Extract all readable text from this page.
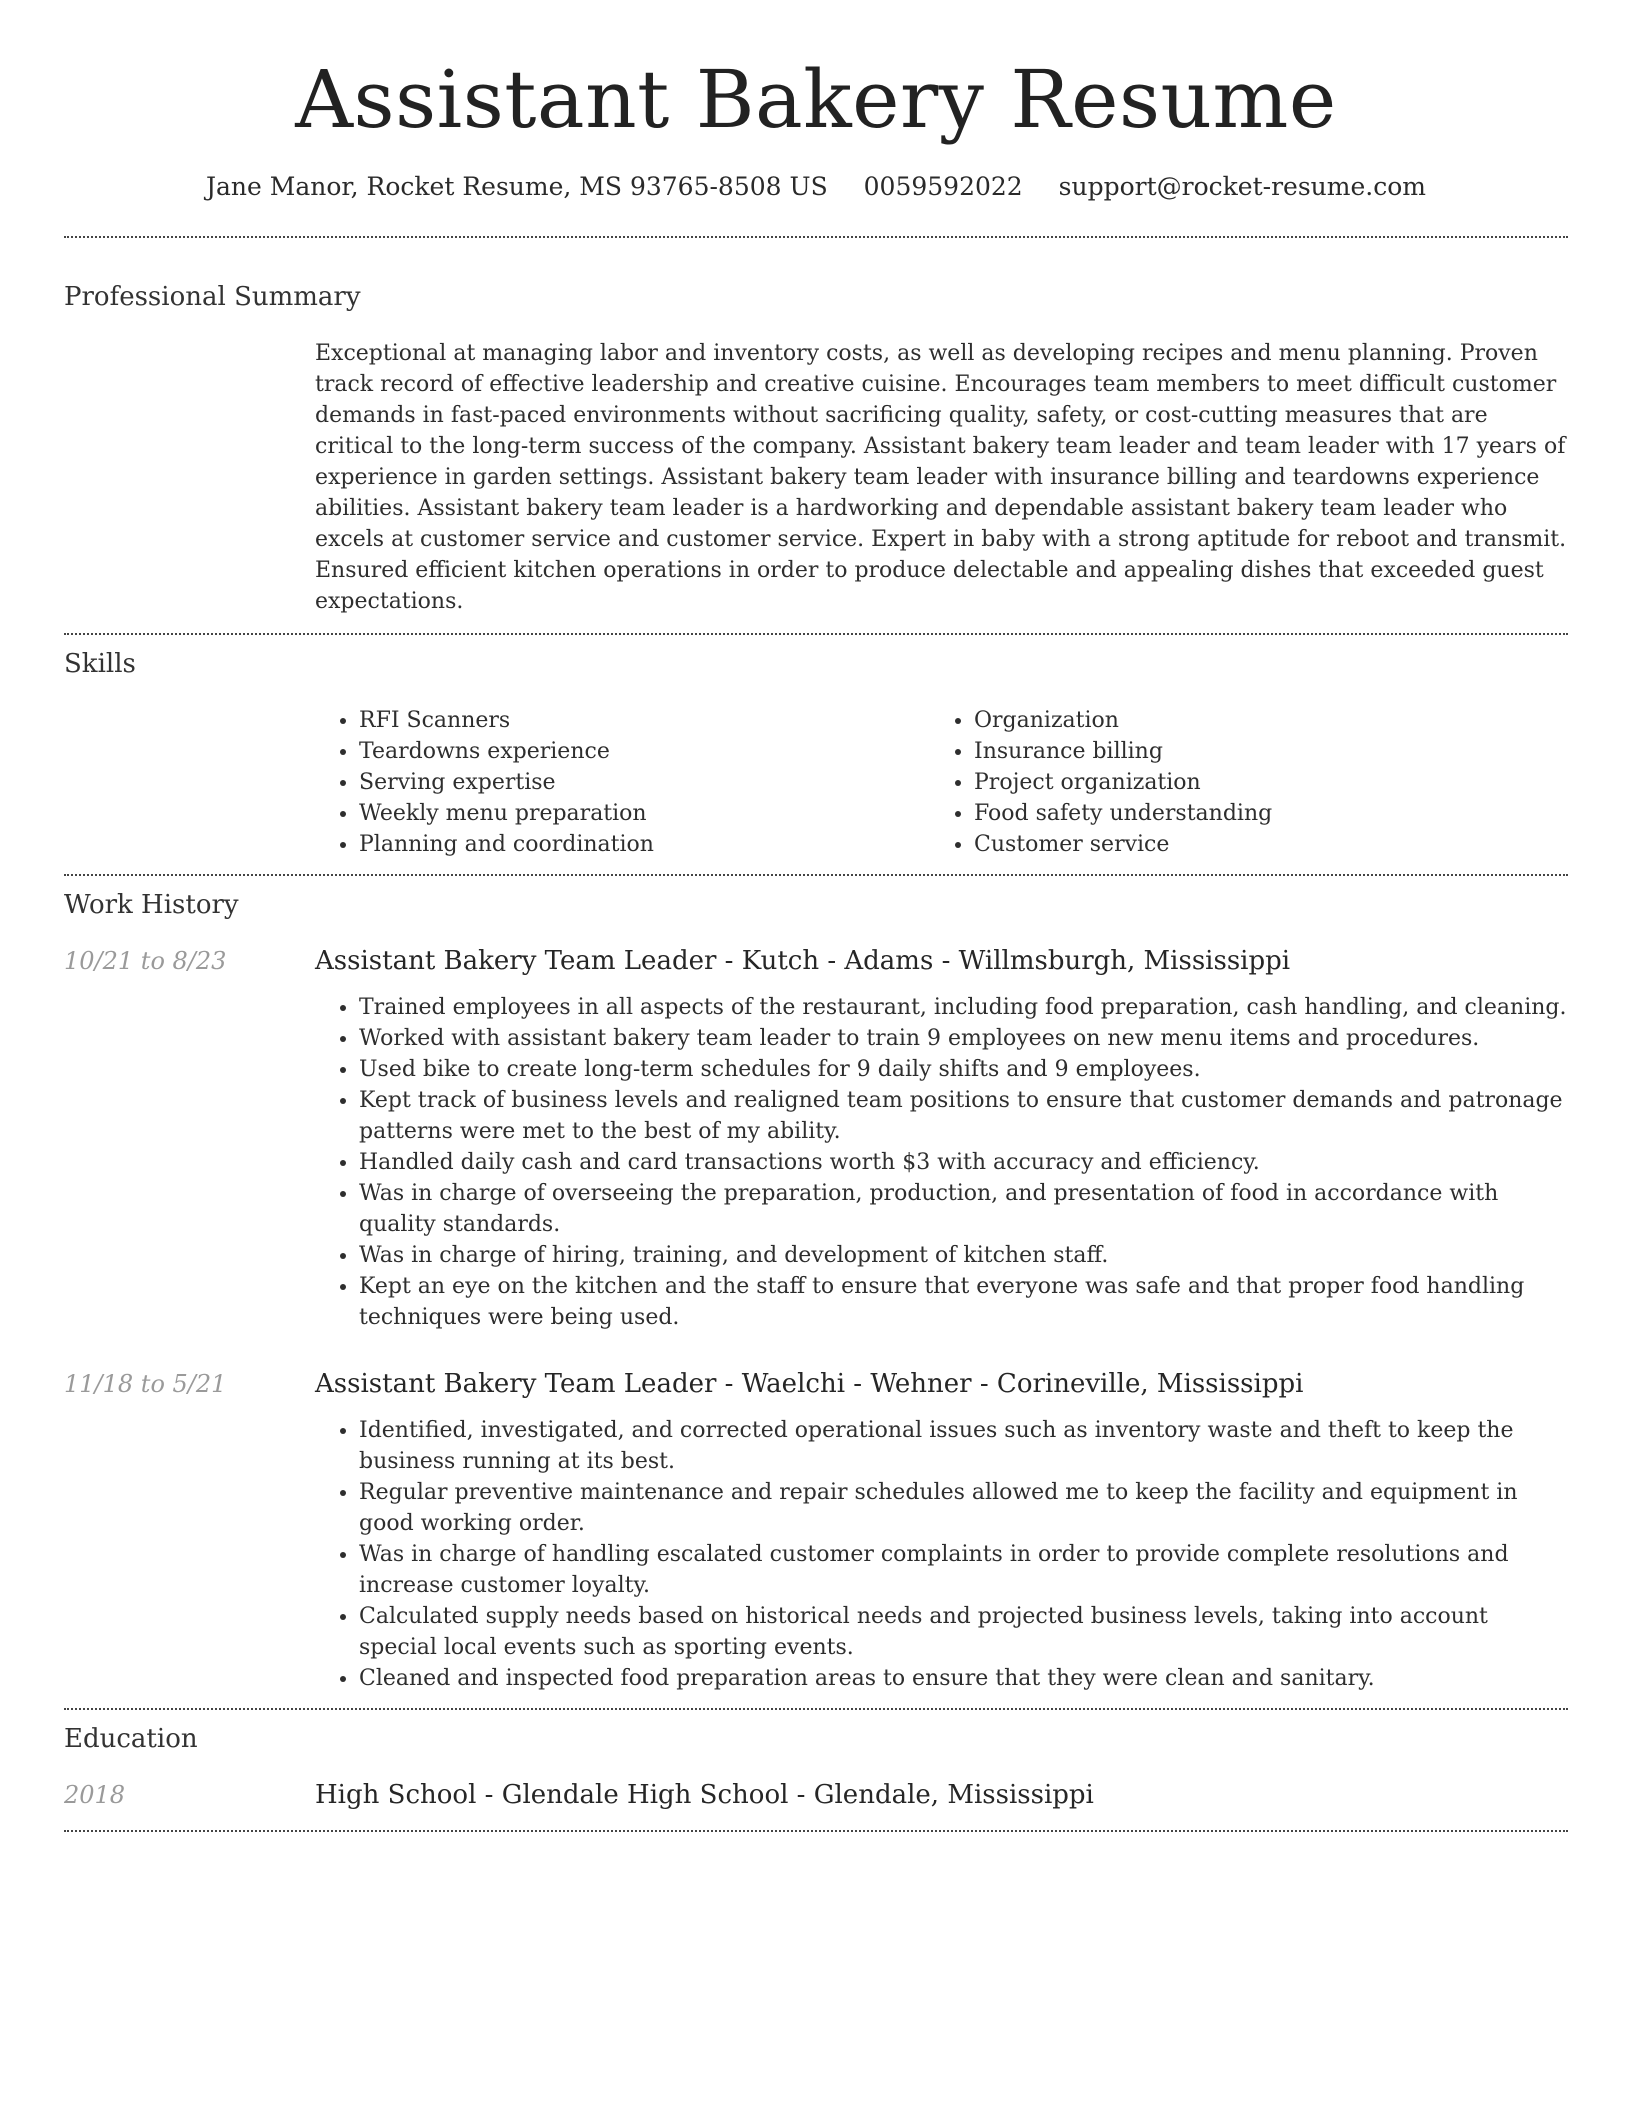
Assistant Bakery Resume
Jane Manor, Rocket Resume, MS 93765-8508 US 0059592022 support@rocket-resume.com
Professional Summary

Exceptional at managing labor and inventory costs, as well as developing recipes and menu planning. Proven track record of effective leadership and creative cuisine. Encourages team members to meet difficult customer demands in fast-paced environments without sacrificing quality, safety, or cost-cutting measures that are critical to the long-term success of the company. Assistant bakery team leader and team leader with 17 years of experience in garden settings. Assistant bakery team leader with insurance billing and teardowns experience abilities. Assistant bakery team leader is a hardworking and dependable assistant bakery team leader who excels at customer service and customer service. Expert in baby with a strong aptitude for reboot and transmit. Ensured efficient kitchen operations in order to produce delectable and appealing dishes that exceeded guest expectations.

Skills
• RFI Scanners
• Teardowns experience
• Serving expertise
• Weekly menu preparation
• Planning and coordination
• Organization
• Insurance billing
• Project organization
• Food safety understanding
• Customer service
Work History
10/21 to 8/23	Assistant Bakery Team Leader - Kutch - Adams - Willmsburgh, Mississippi
• Trained employees in all aspects of the restaurant, including food preparation, cash handling, and cleaning.
• Worked with assistant bakery team leader to train 9 employees on new menu items and procedures.
• Used bike to create long-term schedules for 9 daily shifts and 9 employees.
• Kept track of business levels and realigned team positions to ensure that customer demands and patronage patterns were met to the best of my ability.
• Handled daily cash and card transactions worth $3 with accuracy and efficiency.
• Was in charge of overseeing the preparation, production, and presentation of food in accordance with quality standards.
• Was in charge of hiring, training, and development of kitchen staff.
• Kept an eye on the kitchen and the staff to ensure that everyone was safe and that proper food handling techniques were being used.
11/18 to 5/21	Assistant Bakery Team Leader - Waelchi - Wehner - Corineville, Mississippi
• Identified, investigated, and corrected operational issues such as inventory waste and theft to keep the business running at its best.
• Regular preventive maintenance and repair schedules allowed me to keep the facility and equipment in good working order.
• Was in charge of handling escalated customer complaints in order to provide complete resolutions and increase customer loyalty.
• Calculated supply needs based on historical needs and projected business levels, taking into account special local events such as sporting events.
• Cleaned and inspected food preparation areas to ensure that they were clean and sanitary.
Education
2018	High School - Glendale High School - Glendale, Mississippi
